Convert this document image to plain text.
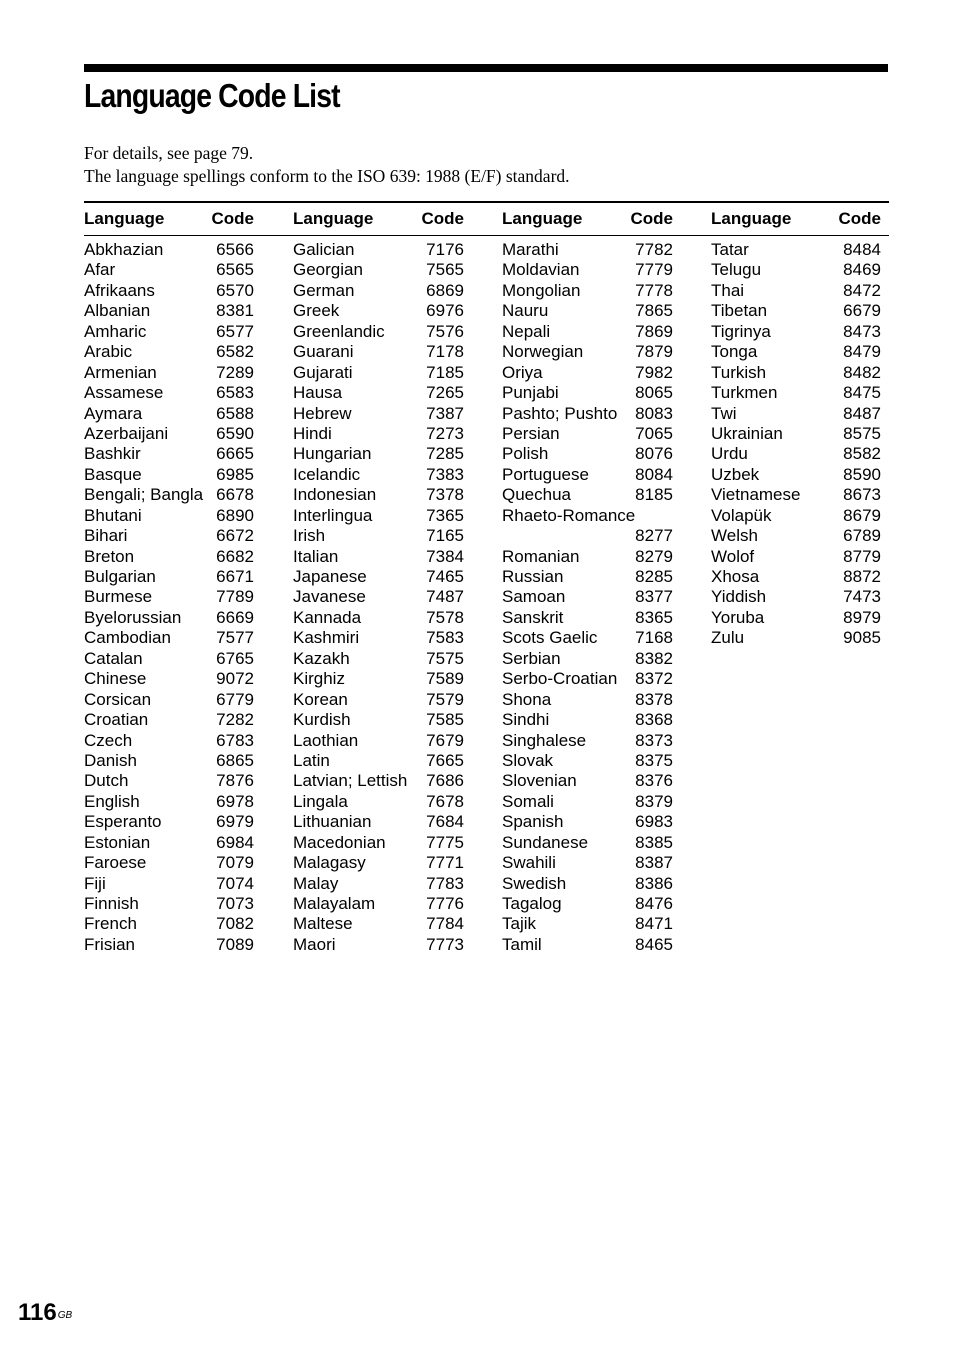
Language Code List
For details, see page 79.
The language spellings conform to the ISO 639: 1988 (E/F) standard.
Language	Code
Abkhazian	6566
Afar	6565
Afrikaans	6570
Albanian	8381
Amharic	6577
Arabic	6582
Armenian	7289
Assamese	6583
Aymara	6588
Azerbaijani	6590
Bashkir	6665
Basque	6985
Bengali; Bangla 6678
Bhutani	6890
Bihari	6672
Breton	6682
Bulgarian	6671
Burmese	7789
Byelorussian 6669
Cambodian	7577
Catalan	6765
Chinese	9072
Corsican	6779
Croatian	7282
Czech	6783
Danish	6865
Dutch	7876
English	6978
Esperanto	6979
Estonian	6984
Faroese	7079
Fiji	7074
Finnish	7073
French	7082
Frisian	7089
Language	Code
Galician	7176
Georgian	7565
German	6869
Greek	6976
Greenlandic 7576
Guarani	7178
Gujarati	7185
Hausa	7265
Hebrew	7387
Hindi	7273
Hungarian	7285
Icelandic	7383
Indonesian	7378
Interlingua	7365
Irish	7165
Italian	7384
Japanese	7465
Javanese	7487
Kannada	7578
Kashmiri	7583
Kazakh	7575
Kirghiz	7589
Korean	7579
Kurdish	7585
Laothian	7679
Latin	7665
Latvian; Lettish 7686
Lingala	7678
Lithuanian	7684
Macedonian 7775
Malagasy	7771
Malay	7783
Malayalam	7776
Maltese	7784
Maori	7773
Language	Code
Marathi	7782
Moldavian	7779
Mongolian	7778
Nauru	7865
Nepali	7869
Norwegian	7879
Oriya	7982
Punjabi	8065
Pashto; Pushto 8083
Persian	7065
Polish	8076
Portuguese	8084
Quechua	8185
Rhaeto-Romance
8277
Romanian	8279
Russian	8285
Samoan	8377
Sanskrit	8365
Scots Gaelic 7168
Serbian	8382
Serbo-Croatian 8372
Shona	8378
Sindhi	8368
Singhalese	8373
Slovak	8375
Slovenian	8376
Somali	8379
Spanish	6983
Sundanese	8385
Swahili	8387
Swedish	8386
Tagalog	8476
Tajik	8471
Tamil	8465
Language	Code
Tatar	8484
Telugu	8469
Thai	8472
Tibetan	6679
Tigrinya	8473
Tonga	8479
Turkish	8482
Turkmen	8475
Twi	8487
Ukrainian	8575
Urdu	8582
Uzbek	8590
Vietnamese	8673
Volapük	8679
Welsh	6789
Wolof	8779
Xhosa	8872
Yiddish	7473
Yoruba	8979
Zulu	9085
$116^{GB}$
